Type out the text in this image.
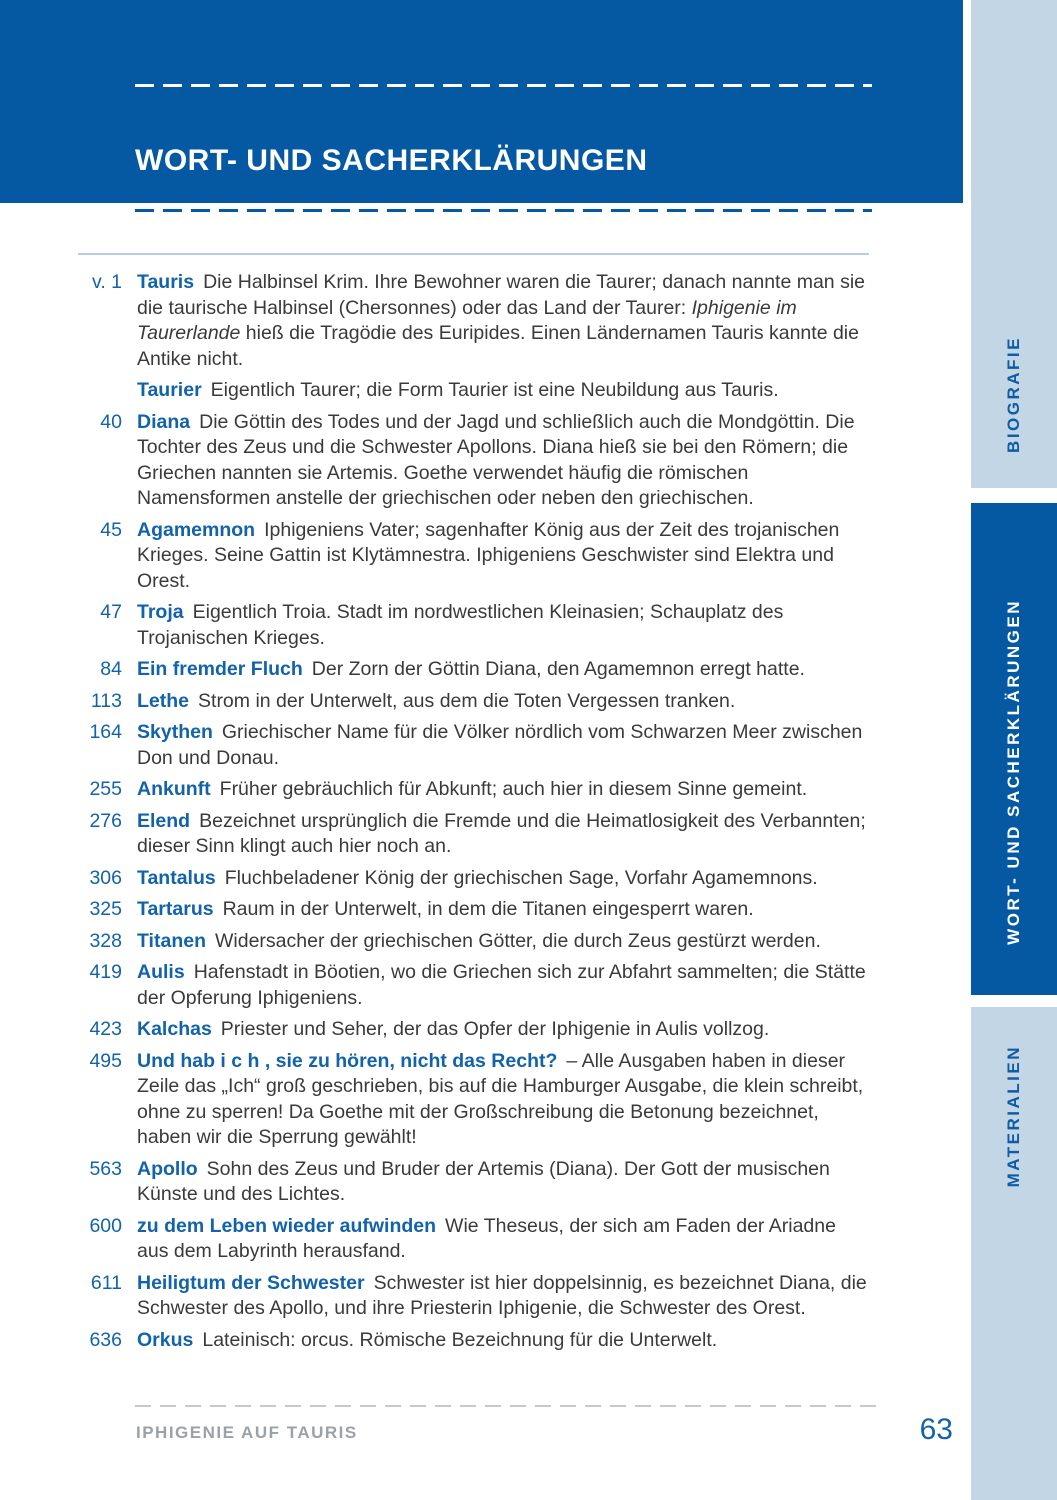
WORT- UND SACHERKLÄRUNGEN
v. 1 Tauris Die Halbinsel Krim. Ihre Bewohner waren die Taurer; danach nannte man sie die taurische Halbinsel (Chersonnes) oder das Land der Taurer: Iphigenie im Taurerlande hieß die Tragödie des Euripides. Einen Ländernamen Tauris kannte die Antike nicht.
Taurier Eigentlich Taurer; die Form Taurier ist eine Neubildung aus Tauris.
40 Diana Die Göttin des Todes und der Jagd und schließlich auch die Mondgöttin. Die Tochter des Zeus und die Schwester Apollons. Diana hieß sie bei den Römern; die Griechen nannten sie Artemis. Goethe verwendet häufig die römischen Namensformen anstelle der griechischen oder neben den griechischen.
45 Agamemnon Iphigeniens Vater; sagenhafter König aus der Zeit des trojanischen Krieges. Seine Gattin ist Klytämnestra. Iphigeniens Geschwister sind Elektra und Orest.
47 Troja Eigentlich Troia. Stadt im nordwestlichen Kleinasien; Schauplatz des Trojanischen Krieges.
84 Ein fremder Fluch Der Zorn der Göttin Diana, den Agamemnon erregt hatte.
113 Lethe Strom in der Unterwelt, aus dem die Toten Vergessen tranken.
164 Skythen Griechischer Name für die Völker nördlich vom Schwarzen Meer zwischen Don und Donau.
255 Ankunft Früher gebräuchlich für Abkunft; auch hier in diesem Sinne gemeint.
276 Elend Bezeichnet ursprünglich die Fremde und die Heimatlosigkeit des Verbannten; dieser Sinn klingt auch hier noch an.
306 Tantalus Fluchbeladener König der griechischen Sage, Vorfahr Agamemnons.
325 Tartarus Raum in der Unterwelt, in dem die Titanen eingesperrt waren.
328 Titanen Widersacher der griechischen Götter, die durch Zeus gestürzt werden.
419 Aulis Hafenstadt in Böotien, wo die Griechen sich zur Abfahrt sammelten; die Stätte der Opferung Iphigeniens.
423 Kalchas Priester und Seher, der das Opfer der Iphigenie in Aulis vollzog.
495 Und hab i c h , sie zu hören, nicht das Recht? – Alle Ausgaben haben in dieser Zeile das „Ich“ groß geschrieben, bis auf die Hamburger Ausgabe, die klein schreibt, ohne zu sperren! Da Goethe mit der Großschreibung die Betonung bezeichnet, haben wir die Sperrung gewählt!
563 Apollo Sohn des Zeus und Bruder der Artemis (Diana). Der Gott der musischen Künste und des Lichtes.
600 zu dem Leben wieder aufwinden Wie Theseus, der sich am Faden der Ariadne aus dem Labyrinth herausfand.
611 Heiligtum der Schwester Schwester ist hier doppelsinnig, es bezeichnet Diana, die Schwester des Apollo, und ihre Priesterin Iphigenie, die Schwester des Orest.
636 Orkus Lateinisch: orcus. Römische Bezeichnung für die Unterwelt.
BIOGRAFIE
WORT- UND SACHERKLÄRUNGEN
MATERIALIEN
IPHIGENIE AUF TAURIS	63
